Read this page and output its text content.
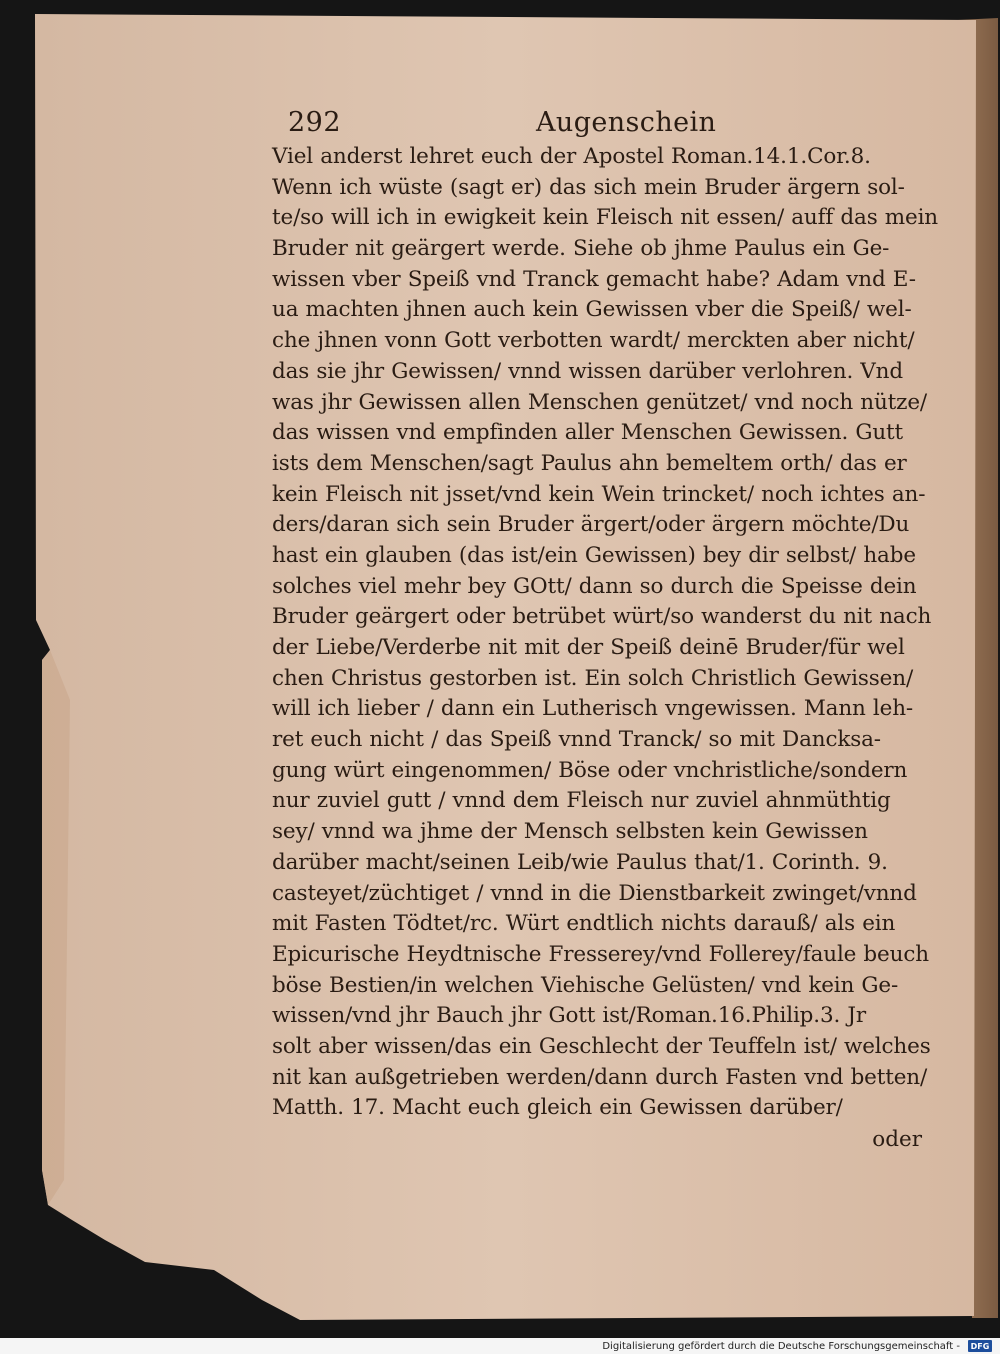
292	Augenschein
Viel anderst lehret euch der Apostel Roman.14.1.Cor.8.
Wenn ich wüste (sagt er) das sich mein Bruder ärgern sol-
te/so will ich in ewigkeit kein Fleisch nit essen/ auff das mein
Bruder nit geärgert werde. Siehe ob jhme Paulus ein Ge-
wissen vber Speiß vnd Tranck gemacht habe? Adam vnd E-
ua machten jhnen auch kein Gewissen vber die Speiß/ wel-
che jhnen vonn Gott verbotten wardt/ merckten aber nicht/
das sie jhr Gewissen/ vnnd wissen darüber verlohren. Vnd
was jhr Gewissen allen Menschen genützet/ vnd noch nütze/
das wissen vnd empfinden aller Menschen Gewissen. Gutt
ists dem Menschen/sagt Paulus ahn bemeltem orth/ das er
kein Fleisch nit jsset/vnd kein Wein trincket/ noch ichtes an-
ders/daran sich sein Bruder ärgert/oder ärgern möchte/Du
hast ein glauben (das ist/ein Gewissen) bey dir selbst/ habe
solches viel mehr bey GOtt/ dann so durch die Speisse dein
Bruder geärgert oder betrübet würt/so wanderst du nit nach
der Liebe/Verderbe nit mit der Speiß deinē Bruder/für wel
chen Christus gestorben ist. Ein solch Christlich Gewissen/
will ich lieber / dann ein Lutherisch vngewissen. Mann leh-
ret euch nicht / das Speiß vnnd Tranck/ so mit Dancksa-
gung würt eingenommen/ Böse oder vnchristliche/sondern
nur zuviel gutt / vnnd dem Fleisch nur zuviel ahnmüthtig
sey/ vnnd wa jhme der Mensch selbsten kein Gewissen
darüber macht/seinen Leib/wie Paulus that/1. Corinth. 9.
casteyet/züchtiget / vnnd in die Dienstbarkeit zwinget/vnnd
mit Fasten Tödtet/rc. Würt endtlich nichts darauß/ als ein
Epicurische Heydtnische Fresserey/vnd Follerey/faule beuch
böse Bestien/in welchen Viehische Gelüsten/ vnd kein Ge-
wissen/vnd jhr Bauch jhr Gott ist/Roman.16.Philip.3. Jr
solt aber wissen/das ein Geschlecht der Teuffeln ist/ welches
nit kan außgetrieben werden/dann durch Fasten vnd betten/
Matth. 17. Macht euch gleich ein Gewissen darüber/
oder
Digitalisierung gefördert durch die Deutsche Forschungsgemeinschaft -	DFG
